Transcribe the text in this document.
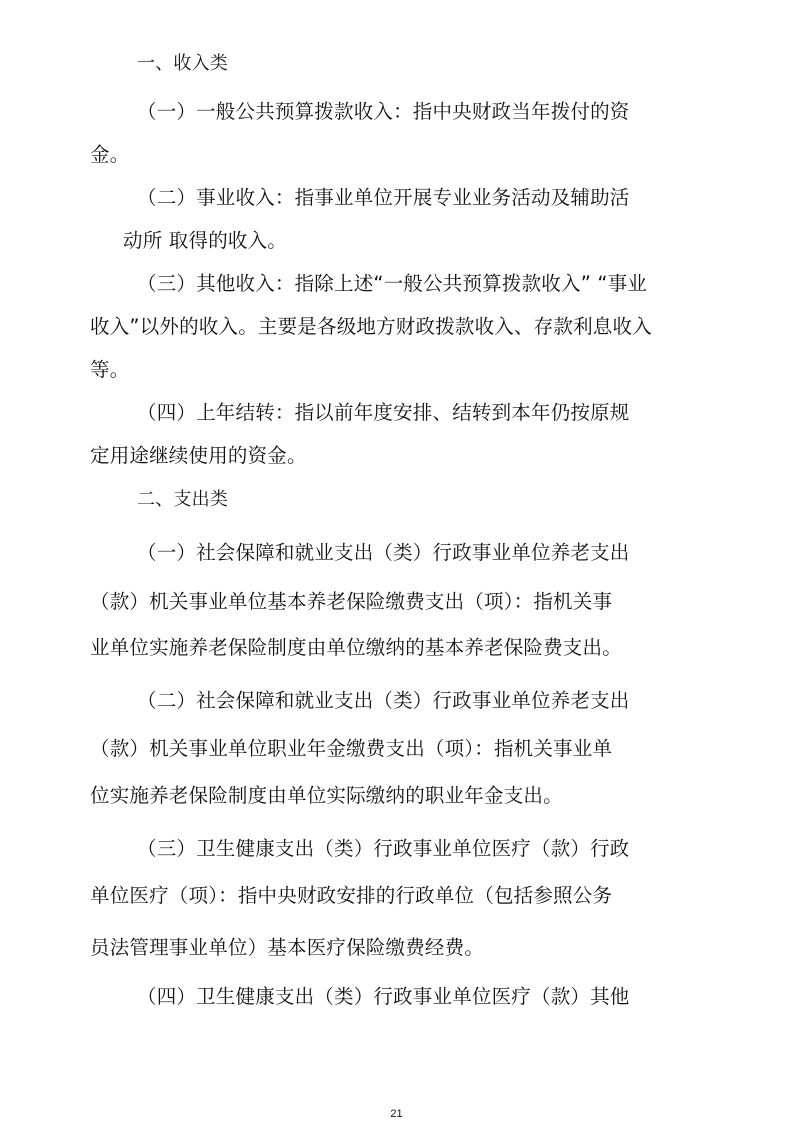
一、收入类
（一）一般公共预算拨款收入：指中央财政当年拨付的资
金。
（二）事业收入：指事业单位开展专业业务活动及辅助活
动所 取得的收入。
（三）其他收入：指除上述“一般公共预算拨款收入” “事业
收入”以外的收入。主要是各级地方财政拨款收入、存款利息收入
等。
（四）上年结转：指以前年度安排、结转到本年仍按原规
定用途继续使用的资金。
二、支出类
（一）社会保障和就业支出（类）行政事业单位养老支出
（款）机关事业单位基本养老保险缴费支出（项）：指机关事
业单位实施养老保险制度由单位缴纳的基本养老保险费支出。
（二）社会保障和就业支出（类）行政事业单位养老支出
（款）机关事业单位职业年金缴费支出（项）：指机关事业单
位实施养老保险制度由单位实际缴纳的职业年金支出。
（三）卫生健康支出（类）行政事业单位医疗（款）行政
单位医疗（项）：指中央财政安排的行政单位（包括参照公务
员法管理事业单位）基本医疗保险缴费经费。
（四）卫生健康支出（类）行政事业单位医疗（款）其他
21
